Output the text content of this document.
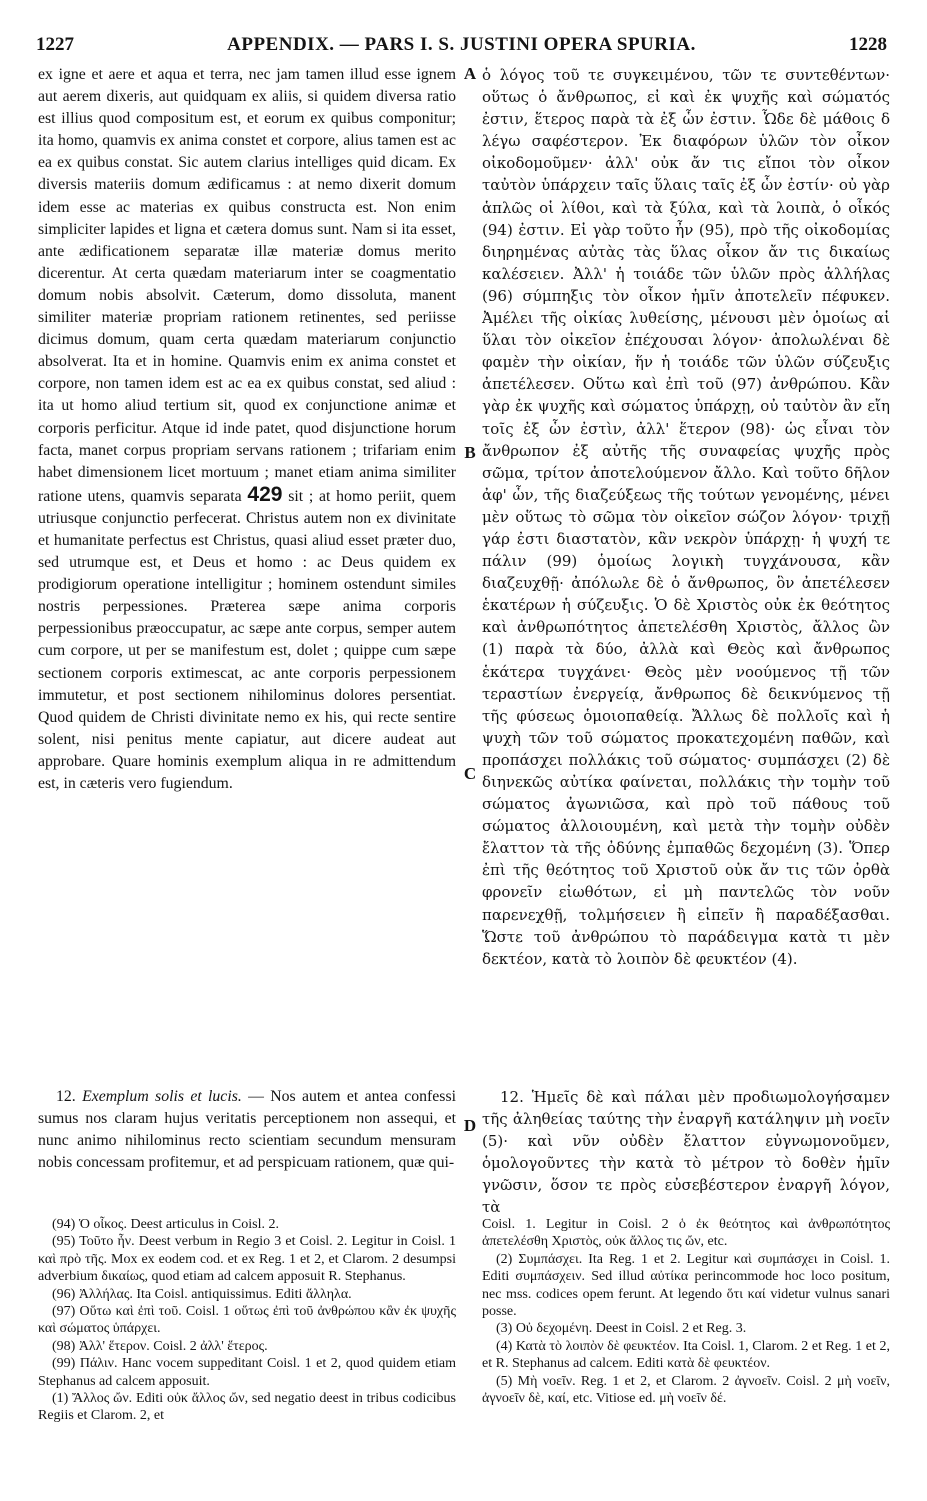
1227	APPENDIX. — PARS I. S. JUSTINI OPERA SPURIA.	1228

ex igne et aere et aqua et terra, nec jam tamen illud esse ignem aut aerem dixeris, aut quidquam ex aliis, si quidem diversa ratio est illius quod compositum est, et eorum ex quibus componitur; ita homo, quamvis ex anima constet et corpore, alius tamen est ac ea ex quibus constat. Sic autem clarius intelliges quid dicam. Ex diversis materiis domum ædificamus : at nemo dixerit domum idem esse ac materias ex quibus constructa est. Non enim simpliciter lapides et ligna et cætera domus sunt. Nam si ita esset, ante ædificationem separatæ illæ materiæ domus merito dicerentur. At certa quædam materiarum inter se coagmentatio domum nobis absolvit. Cæterum, domo dissoluta, manent similiter materiæ propriam rationem retinentes, sed periisse dicimus domum, quam certa quædam materiarum conjunctio absolverat. Ita et in homine. Quamvis enim ex anima constet et corpore, non tamen idem est ac ea ex quibus constat, sed aliud : ita ut homo aliud tertium sit, quod ex conjunctione animæ et corporis perficitur. Atque id inde patet, quod disjunctione horum facta, manet corpus propriam servans rationem ; trifariam enim habet dimensionem licet mortuum ; manet etiam anima similiter ratione utens, quamvis separata 429 sit ; at homo periit, quem utriusque conjunctio perfecerat. Christus autem non ex divinitate et humanitate perfectus est Christus, quasi aliud esset præter duo, sed utrumque est, et Deus et homo : ac Deus quidem ex prodigiorum operatione intelligitur ; hominem ostendunt similes nostris perpessiones. Præterea sæpe anima corporis perpessionibus præoccupatur, ac sæpe ante corpus, semper autem cum corpore, ut per se manifestum est, dolet ; quippe cum sæpe sectionem corporis extimescat, ac ante corporis perpessionem immutetur, et post sectionem nihilominus dolores persentiat. Quod quidem de Christi divinitate nemo ex his, qui recte sentire solent, nisi penitus mente capiatur, aut dicere audeat aut approbare. Quare hominis exemplum aliqua in re admittendum est, in cæteris vero fugiendum.

ὁ λόγος τοῦ τε συγκειμένου, τῶν τε συντεθέντων· οὕτως ὁ ἄνθρωπος, εἰ καὶ ἐκ ψυχῆς καὶ σώματός ἐστιν, ἕτερος παρὰ τὰ ἐξ ὧν ἐστιν. Ὧδε δὲ μάθοις δ λέγω σαφέστερον. Ἐκ διαφόρων ὑλῶν τὸν οἶκον οἰκοδομοῦμεν· ἀλλ' οὐκ ἄν τις εἴποι τὸν οἶκον ταὐτὸν ὑπάρχειν ταῖς ὕλαις ταῖς ἐξ ὧν ἐστίν· οὐ γὰρ ἁπλῶς οἱ λίθοι, καὶ τὰ ξύλα, καὶ τὰ λοιπὰ, ὁ οἶκός (94) ἐστιν. Εἰ γὰρ τοῦτο ἦν (95), πρὸ τῆς οἰκοδομίας διηρημένας αὐτὰς τὰς ὕλας οἶκον ἄν τις δικαίως καλέσειεν. Ἀλλ' ἡ τοιάδε τῶν ὑλῶν πρὸς ἀλλήλας (96) σύμπηξις τὸν οἶκον ἡμῖν ἀποτελεῖν πέφυκεν. Ἀμέλει τῆς οἰκίας λυθείσης, μένουσι μὲν ὁμοίως αἱ ὕλαι τὸν οἰκεῖον ἐπέχουσαι λόγον· ἀπολωλέναι δὲ φαμὲν τὴν οἰκίαν, ἥν ἡ τοιάδε τῶν ὑλῶν σύζευξις ἀπετέλεσεν. Οὕτω καὶ ἐπὶ τοῦ (97) ἀνθρώπου. Κἂν γὰρ ἐκ ψυχῆς καὶ σώματος ὑπάρχῃ, οὐ ταὐτὸν ἂν εἴη τοῖς ἐξ ὧν ἐστὶν, ἀλλ' ἕτερον (98)· ὡς εἶναι τὸν ἄνθρωπον ἐξ αὐτῆς τῆς συναφείας ψυχῆς πρὸς σῶμα, τρίτον ἀποτελούμενον ἄλλο. Καὶ τοῦτο δῆλον ἀφ' ὧν, τῆς διαζεύξεως τῆς τούτων γενομένης, μένει μὲν οὕτως τὸ σῶμα τὸν οἰκεῖον σώζον λόγον· τριχῇ γάρ ἐστι διαστατὸν, κἂν νεκρὸν ὑπάρχῃ· ἡ ψυχή τε πάλιν (99) ὁμοίως λογικὴ τυγχάνουσα, κἂν διαζευχθῇ· ἀπόλωλε δὲ ὁ ἄνθρωπος, ὃν ἀπετέλεσεν ἑκατέρων ἡ σύζευξις. Ὁ δὲ Χριστὸς οὐκ ἐκ θεότητος καὶ ἀνθρωπότητος ἀπετελέσθη Χριστὸς, ἄλλος ὢν (1) παρὰ τὰ δύο, ἀλλὰ καὶ Θεὸς καὶ ἄνθρωπος ἑκάτερα τυγχάνει· Θεὸς μὲν νοούμενος τῇ τῶν τεραστίων ἐνεργείᾳ, ἄνθρωπος δὲ δεικνύμενος τῇ τῆς φύσεως ὁμοιοπαθείᾳ. Ἄλλως δὲ πολλοῖς καὶ ἡ ψυχὴ τῶν τοῦ σώματος προκατεχομένη παθῶν, καὶ προπάσχει πολλάκις τοῦ σώματος· συμπάσχει (2) δὲ διηνεκῶς αὐτίκα φαίνεται, πολλάκις τὴν τομὴν τοῦ σώματος ἀγωνιῶσα, καὶ πρὸ τοῦ πάθους τοῦ σώματος ἀλλοιουμένη, καὶ μετὰ τὴν τομὴν οὐδὲν ἔλαττον τὰ τῆς ὀδύνης ἐμπαθῶς δεχομένη (3). Ὅπερ ἐπὶ τῆς θεότητος τοῦ Χριστοῦ οὐκ ἄν τις τῶν ὀρθὰ φρονεῖν εἰωθότων, εἰ μὴ παντελῶς τὸν νοῦν παρενεχθῇ, τολμήσειεν ἢ εἰπεῖν ἢ παραδέξασθαι. Ὥστε τοῦ ἀνθρώπου τὸ παράδειγμα κατὰ τι μὲν δεκτέον, κατὰ τὸ λοιπὸν δὲ φευκτέον (4).

12. Exemplum solis et lucis. — Nos autem et antea confessi sumus nos claram hujus veritatis perceptionem non assequi, et nunc animo nihilominus recto scientiam secundum mensuram nobis concessam profitemur, et ad perspicuam rationem, quæ qui-

12. Ἡμεῖς δὲ καὶ πάλαι μὲν προδιωμολογήσαμεν τῆς ἀληθείας ταύτης τὴν ἐναργῆ κατάληψιν μὴ νοεῖν (5)· καὶ νῦν οὐδὲν ἔλαττον εὐγνωμονοῦμεν, ὁμολογοῦντες τὴν κατὰ τὸ μέτρον τὸ δοθὲν ἡμῖν γνῶσιν, ὅσον τε πρὸς εὐσεβέστερον ἐναργῆ λόγον, τὰ

A
B
C
D

(94) Ὁ οἶκος. Deest articulus in Coisl. 2.

(95) Τοῦτο ἦν. Deest verbum in Regio 3 et Coisl. 2. Legitur in Coisl. 1 καὶ πρὸ τῆς. Mox ex eodem cod. et ex Reg. 1 et 2, et Clarom. 2 desumpsi adverbium δικαίως, quod etiam ad calcem apposuit R. Stephanus.

(96) Ἀλλήλας. Ita Coisl. antiquissimus. Editi ἄλληλα.

(97) Οὕτω καὶ ἐπὶ τοῦ. Coisl. 1 οὕτως ἐπὶ τοῦ ἀνθρώπου κἂν ἐκ ψυχῆς καὶ σώματος ὑπάρχει.

(98) Ἀλλ' ἕτερον. Coisl. 2 ἀλλ' ἕτερος.

(99) Πάλιν. Hanc vocem suppeditant Coisl. 1 et 2, quod quidem etiam Stephanus ad calcem apposuit.

(1) Ἄλλος ὤν. Editi οὐκ ἄλλος ὤν, sed negatio deest in tribus codicibus Regiis et Clarom. 2, et

Coisl. 1. Legitur in Coisl. 2 ὁ ἐκ θεότητος καὶ ἀνθρωπότητος ἀπετελέσθη Χριστὸς, οὐκ ἄλλος τις ὤν, etc.

(2) Συμπάσχει. Ita Reg. 1 et 2. Legitur καὶ συμπάσχει in Coisl. 1. Editi συμπάσχειν. Sed illud αὐτίκα perincommode hoc loco positum, nec mss. codices opem ferunt. At legendo ὅτι καί videtur vulnus sanari posse.

(3) Οὐ δεχομένη. Deest in Coisl. 2 et Reg. 3.

(4) Κατὰ τὸ λοιπὸν δὲ φευκτέον. Ita Coisl. 1, Clarom. 2 et Reg. 1 et 2, et R. Stephanus ad calcem. Editi κατὰ δὲ φευκτέον.

(5) Μὴ νοεῖν. Reg. 1 et 2, et Clarom. 2 ἀγνοεῖν. Coisl. 2 μὴ νοεῖν, ἀγνοεῖν δὲ, καί, etc. Vitiose ed. μὴ νοεῖν δέ.
